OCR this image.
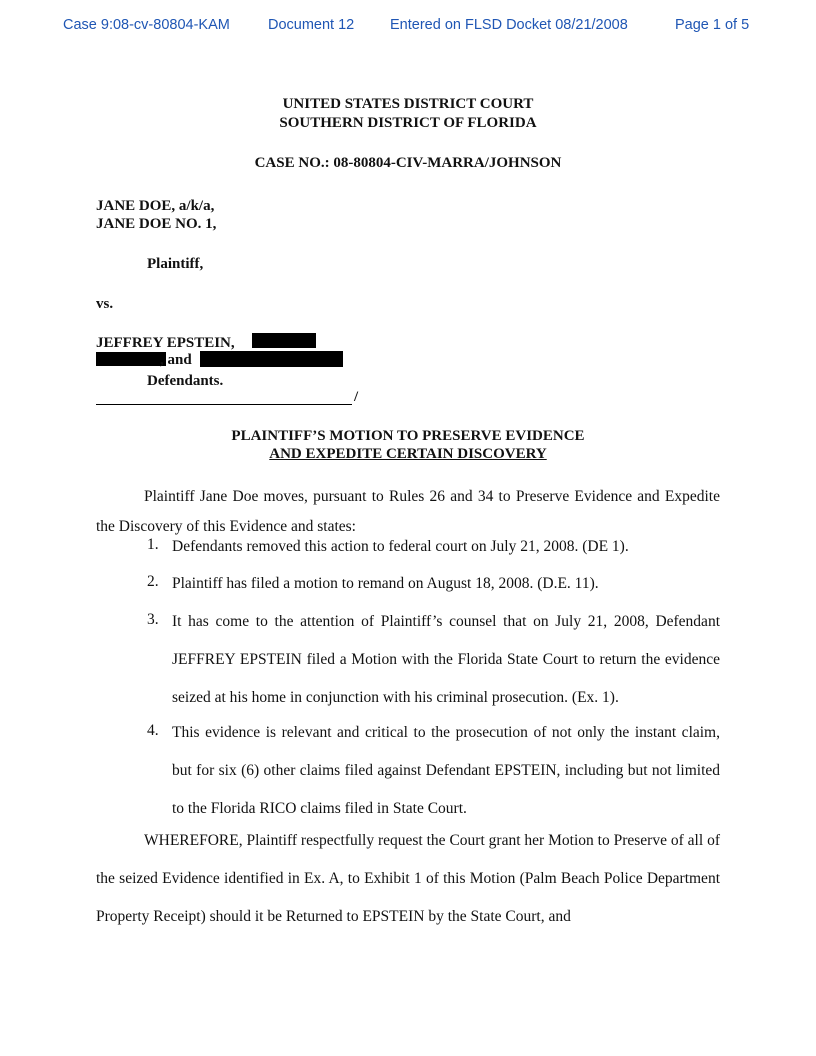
Case 9:08-cv-80804-KAM	Document 12 Entered on FLSD Docket 08/21/2008	Page 1 of 5
UNITED STATES DISTRICT COURT
SOUTHERN DISTRICT OF FLORIDA
CASE NO.: 08-80804-CIV-MARRA/JOHNSON
JANE DOE, a/k/a,
JANE DOE NO. 1,
Plaintiff,
vs.
JEFFREY EPSTEIN,
, and
Defendants.
/
PLAINTIFF’S MOTION TO PRESERVE EVIDENCE
AND EXPEDITE CERTAIN DISCOVERY
Plaintiff Jane Doe moves, pursuant to Rules 26 and 34 to Preserve Evidence and Expedite the Discovery of this Evidence and states:
1. Defendants removed this action to federal court on July 21, 2008. (DE 1).
2. Plaintiff has filed a motion to remand on August 18, 2008. (D.E. 11).
3. It has come to the attention of Plaintiff’s counsel that on July 21, 2008, Defendant JEFFREY EPSTEIN filed a Motion with the Florida State Court to return the evidence seized at his home in conjunction with his criminal prosecution. (Ex. 1).
4. This evidence is relevant and critical to the prosecution of not only the instant claim, but for six (6) other claims filed against Defendant EPSTEIN, including but not limited to the Florida RICO claims filed in State Court.
WHEREFORE, Plaintiff respectfully request the Court grant her Motion to Preserve of all of the seized Evidence identified in Ex. A, to Exhibit 1 of this Motion (Palm Beach Police Department Property Receipt) should it be Returned to EPSTEIN by the State Court, and
